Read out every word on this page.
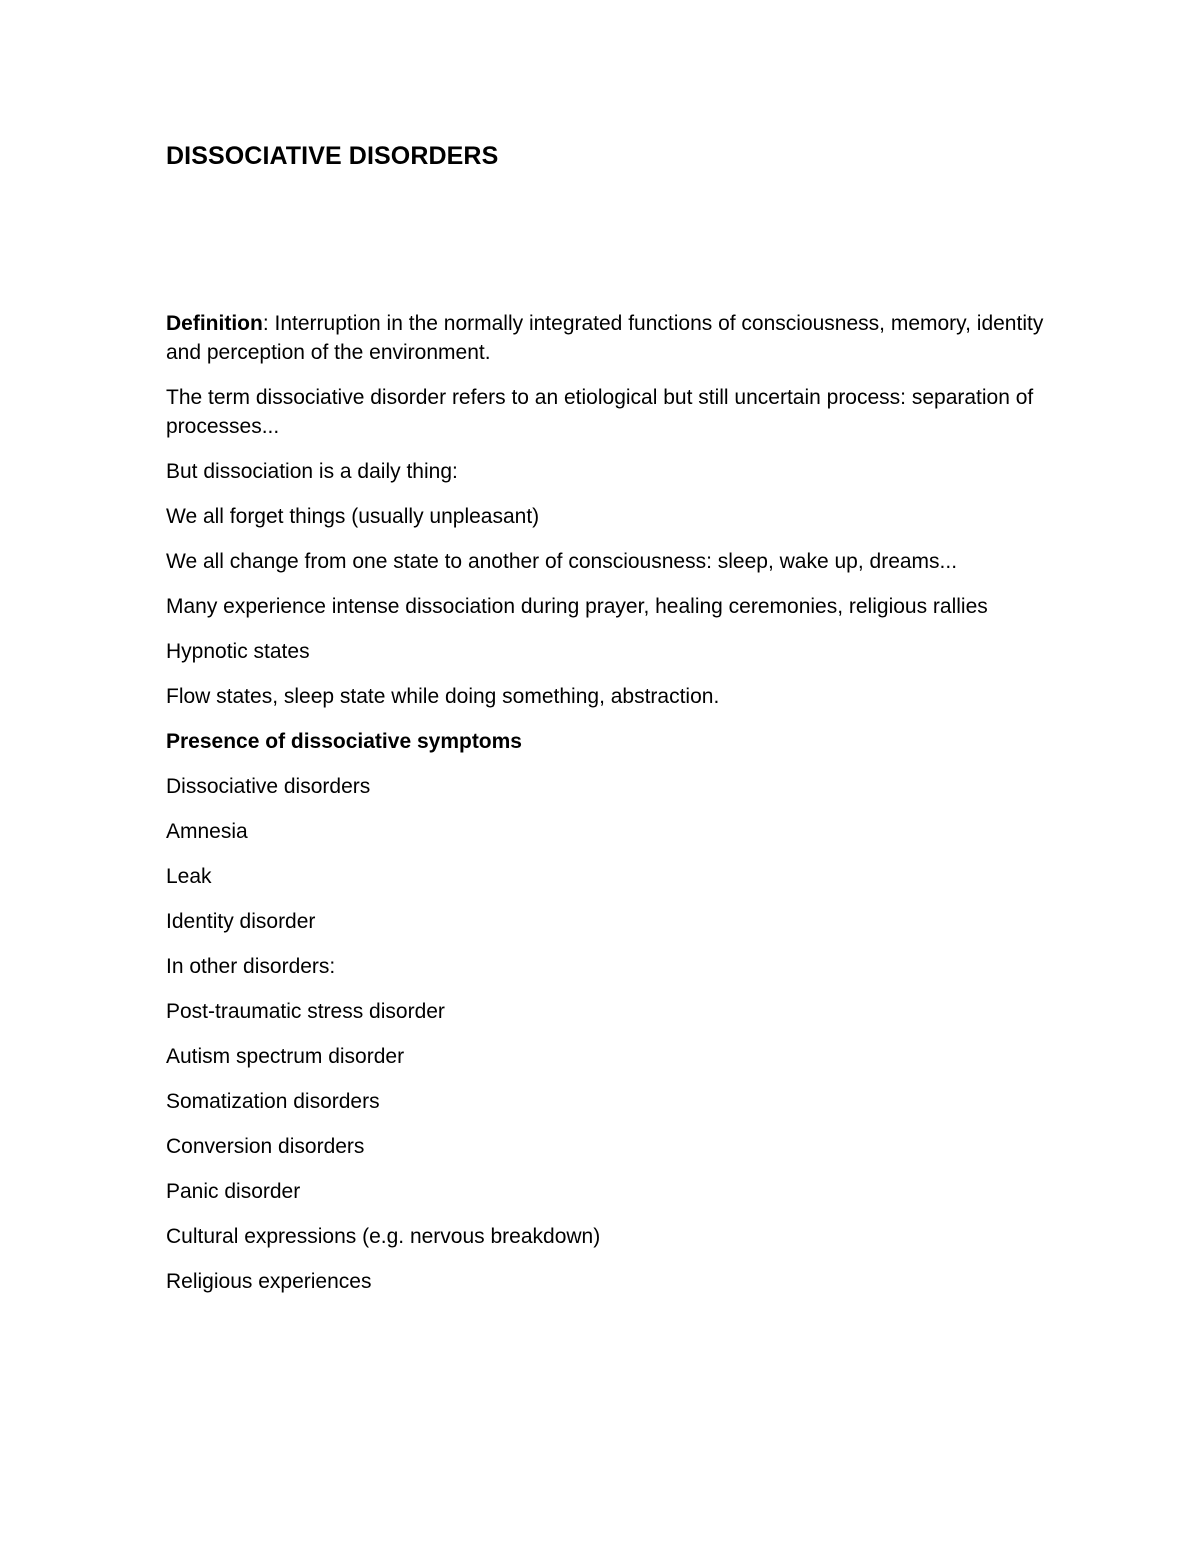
DISSOCIATIVE DISORDERS

Definition: Interruption in the normally integrated functions of consciousness, memory, identity and perception of the environment.

The term dissociative disorder refers to an etiological but still uncertain process: separation of processes...

But dissociation is a daily thing:

We all forget things (usually unpleasant)

We all change from one state to another of consciousness: sleep, wake up, dreams...

Many experience intense dissociation during prayer, healing ceremonies, religious rallies

Hypnotic states

Flow states, sleep state while doing something, abstraction.

Presence of dissociative symptoms

Dissociative disorders

Amnesia

Leak

Identity disorder

In other disorders:

Post-traumatic stress disorder

Autism spectrum disorder

Somatization disorders

Conversion disorders

Panic disorder

Cultural expressions (e.g. nervous breakdown)

Religious experiences
